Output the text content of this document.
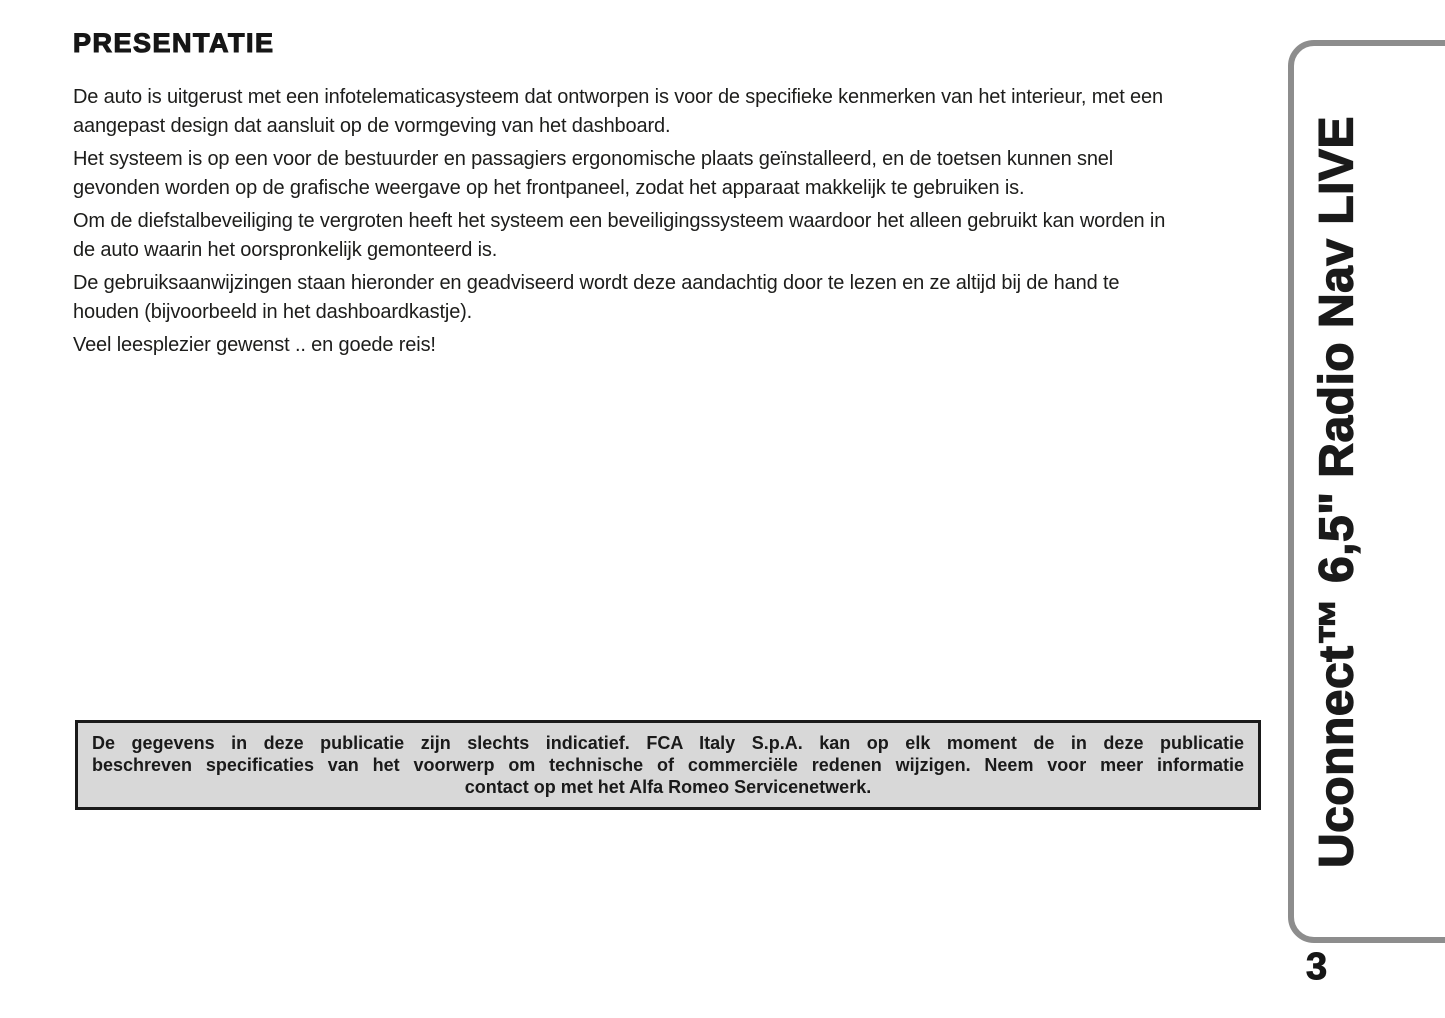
PRESENTATIE

De auto is uitgerust met een infotelematicasysteem dat ontworpen is voor de specifieke kenmerken van het interieur, met een
aangepast design dat aansluit op de vormgeving van het dashboard.

Het systeem is op een voor de bestuurder en passagiers ergonomische plaats geïnstalleerd, en de toetsen kunnen snel
gevonden worden op de grafische weergave op het frontpaneel, zodat het apparaat makkelijk te gebruiken is.

Om de diefstalbeveiliging te vergroten heeft het systeem een beveiligingssysteem waardoor het alleen gebruikt kan worden in
de auto waarin het oorspronkelijk gemonteerd is.

De gebruiksaanwijzingen staan hieronder en geadviseerd wordt deze aandachtig door te lezen en ze altijd bij de hand te
houden (bijvoorbeeld in het dashboardkastje).

Veel leesplezier gewenst .. en goede reis!

De gegevens in deze publicatie zijn slechts indicatief. FCA Italy S.p.A. kan op elk moment de in deze publicatie
beschreven specificaties van het voorwerp om technische of commerciële redenen wijzigen. Neem voor meer informatie
contact op met het Alfa Romeo Servicenetwerk.	Uconnect™ 6,5" Radio Nav LIVE
3
